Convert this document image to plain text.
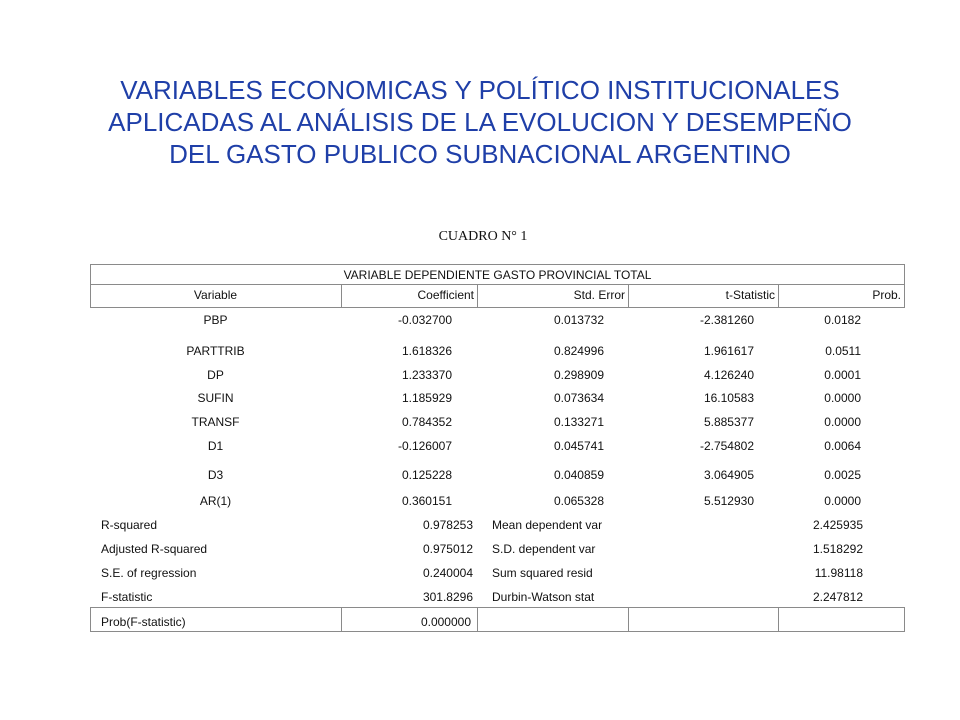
VARIABLES ECONOMICAS Y POLÍTICO INSTITUCIONALES
APLICADAS AL ANÁLISIS DE LA EVOLUCION Y DESEMPEÑO
DEL GASTO PUBLICO SUBNACIONAL ARGENTINO
CUADRO N° 1
VARIABLE DEPENDIENTE GASTO PROVINCIAL TOTAL
Variable	Coefficient	Std. Error	t-Statistic	Prob.
PBP	-0.032700	0.013732	-2.381260	0.0182
PARTTRIB	1.618326	0.824996	1.961617	0.0511
DP	1.233370	0.298909	4.126240	0.0001
SUFIN	1.185929	0.073634	16.10583	0.0000
TRANSF	0.784352	0.133271	5.885377	0.0000
D1	-0.126007	0.045741	-2.754802	0.0064
D3	0.125228	0.040859	3.064905	0.0025
AR(1)	0.360151	0.065328	5.512930	0.0000
R-squared	0.978253 Mean dependent var	2.425935
Adjusted R-squared	0.975012 S.D. dependent var	1.518292
S.E. of regression	0.240004 Sum squared resid	11.98118
F-statistic	301.8296 Durbin-Watson stat	2.247812
Prob(F-statistic)	0.000000
